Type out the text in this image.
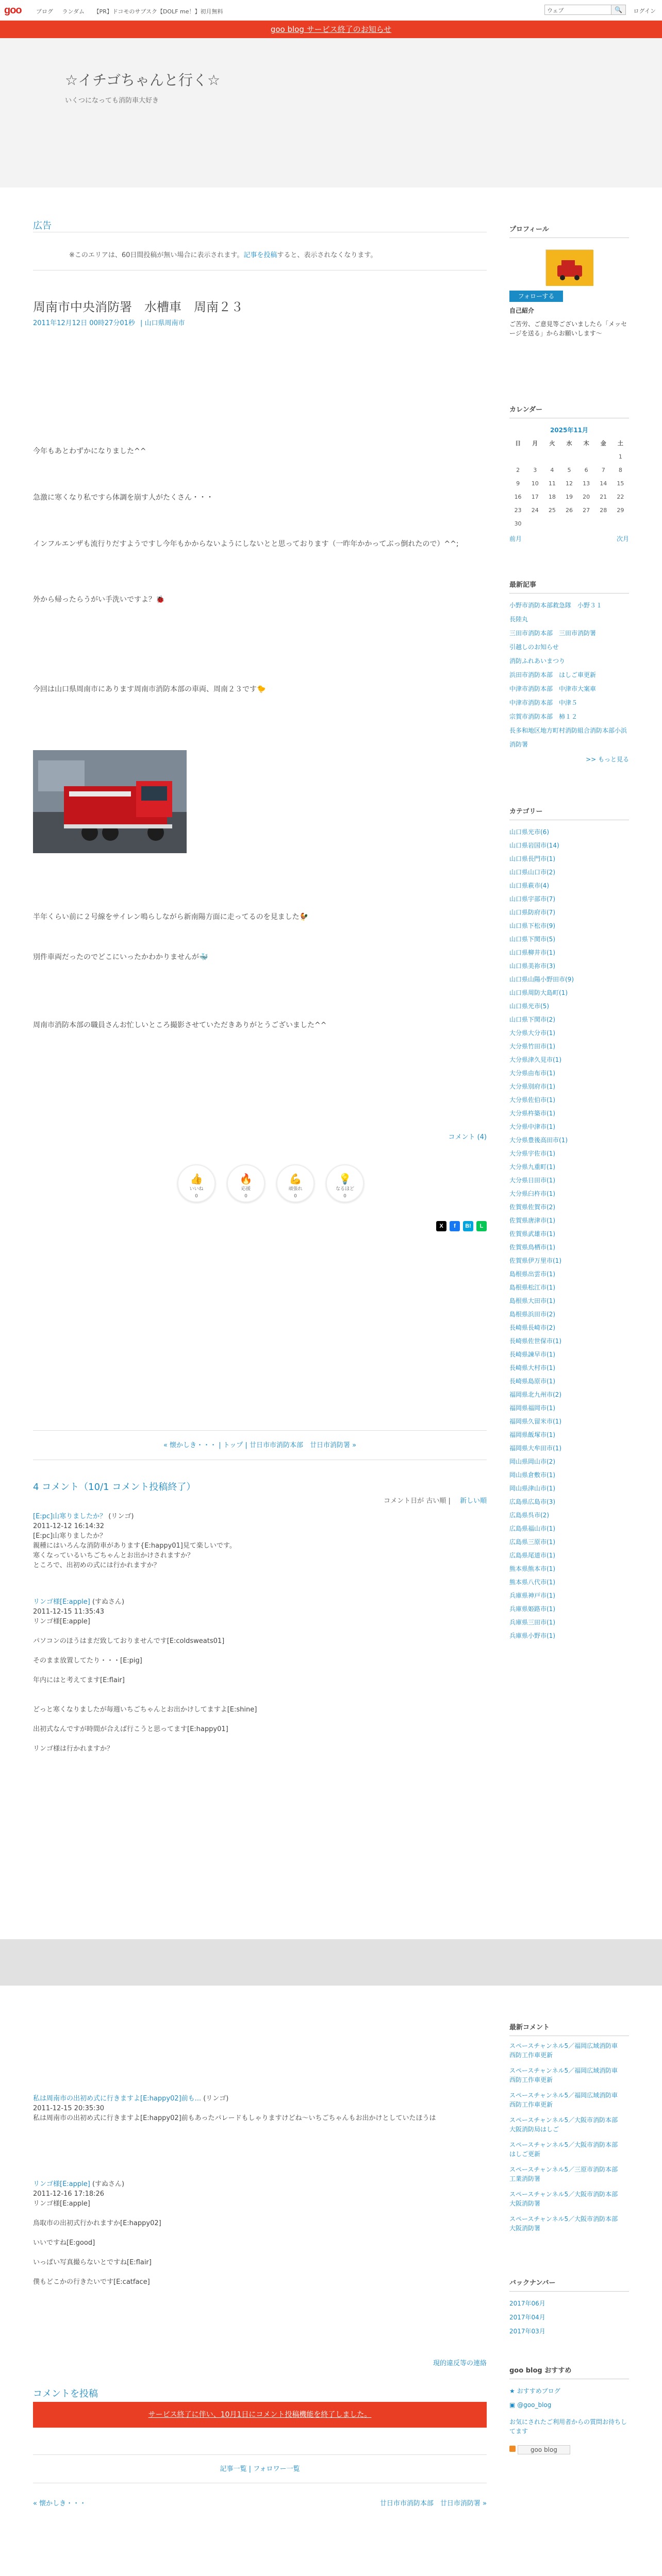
goo	ブログ ランダム 【PR】ドコモのサブスク【DOLF me！】初月無料	ウェブ	🔍	ログイン
goo blog サービス終了のお知らせ
☆イチゴちゃんと行く☆
いくつになっても消防車大好き
広告
※このエリアは、60日間投稿が無い場合に表示されます。記事を投稿すると、表示されなくなります。
周南市中央消防署　水槽車　周南２３
2011年12月12日 00時27分01秒 | 山口県周南市
今年もあとわずかになりました^^
急激に寒くなり私ですら体調を崩す人がたくさん・・・
インフルエンザも流行りだすようですし今年もかからないようにしないとと思っております（一昨年かかってぶっ倒れたので）^^;
外から帰ったらうがい手洗いですよ？🐞
今回は山口県周南市にあります周南市消防本部の車両、周南２３です🐤
半年くらい前に２号線をサイレン鳴らしながら新南陽方面に走ってるのを見ました🐓
別件車両だったのでどこにいったかわかりませんが🐳
周南市消防本部の職員さんお忙しいところ撮影させていただきありがとうございました^^
コメント (4)
👍
いいね
0
🔥
応援
0
💪
頑張れ
0
💡
なるほど
0
X	f	B!	L
« 懐かしき・・・ | トップ | 廿日市市消防本部　廿日市消防署 »
4 コメント（10/1 コメント投稿終了）
コメント日が 古い順 | 新しい順
[E:pc]山寒りましたか？ (リンゴ)
2011-12-12 16:14:32
[E:pc]山寒りましたか？
親種にはいろんな消防車があります{E:happy01]見て楽しいです。
寒くなっているいちごちゃんとお出かけされますか？
ところで、出初めの式には行かれますか？
リンゴ様[E:apple] (すぬさん)
2011-12-15 11:35:43
リンゴ様[E:apple]
パソコンのほうはまだ致しておりませんです[E:coldsweats01]
そのまま放置してたり・・・[E:pig]
年内にはと考えてます[E:flair]
どっと寒くなりましたが毎週いちごちゃんとお出かけしてますよ[E:shine]
出初式なんですが時間が合えば行こうと思ってます[E:happy01]
リンゴ様は行かれますか？
私は周南市の出初め式に行きますよ[E:happy02]前も... (リンゴ)
2011-12-15 20:35:30
私は周南市の出初め式に行きますよ[E:happy02]前もあったパレードもしゃりますけどね～いちごちゃんもお出かけとしていたほうは
リンゴ様[E:apple] (すぬさん)
2011-12-16 17:18:26
リンゴ様[E:apple]
鳥取市の出初式行かれますか[E:happy02]
いいですね[E:good]
いっぱい写真撮らないとですね[E:flair]
僕もどこかの行きたいです[E:catface]
現的違反等の連絡
コメントを投稿
サービス終了に伴い、10月1日にコメント投稿機能を終了しました。
記事一覧 | フォロワー一覧
« 懐かしき・・・	廿日市市消防本部　廿日市消防署 »
プロフィール
フォローする
自己紹介
ご苦労、ご意見等ございましたら「メッセージを送る」からお願いします〜
カレンダー
2025年11月
日	月	火	水	木	金	土
						1
2	3	4	5	6	7	8
9	10	11	12	13	14	15
16	17	18	19	20	21	22
23	24	25	26	27	28	29
30						
前月	次月
最新記事
小野市消防本部救急隊　小野３１
長陸丸
三田市消防本部　三田市消防署
引越しのお知らせ
消防ふれあいまつり
浜田市消防本部　はしご車更新
中津市消防本部　中津市大案車
中津市消防本部　中津５
宗賀市消防本部　柿１２
長多和地区地方町村消防組合消防本部小浜消防署
>> もっと見る
カテゴリー
山口県光市(6)
山口県岩国市(14)
山口県長門市(1)
山口県山口市(2)
山口県萩市(4)
山口県宇部市(7)
山口県防府市(7)
山口県下松市(9)
山口県下関市(5)
山口県柳井市(1)
山口県美祢市(3)
山口県山陽小野田市(9)
山口県周防大島町(1)
山口県光市(5)
山口県下関市(2)
大分県大分市(1)
大分県竹田市(1)
大分県津久見市(1)
大分県由布市(1)
大分県別府市(1)
大分県佐伯市(1)
大分県杵築市(1)
大分県中津市(1)
大分県豊後高田市(1)
大分県宇佐市(1)
大分県九重町(1)
大分県日田市(1)
大分県臼杵市(1)
佐賀県佐賀市(2)
佐賀県唐津市(1)
佐賀県武雄市(1)
佐賀県鳥栖市(1)
佐賀県伊万里市(1)
島根県出雲市(1)
島根県松江市(1)
島根県大田市(1)
島根県浜田市(2)
長崎県長崎市(2)
長崎県佐世保市(1)
長崎県諫早市(1)
長崎県大村市(1)
長崎県島原市(1)
福岡県北九州市(2)
福岡県福岡市(1)
福岡県久留米市(1)
福岡県飯塚市(1)
福岡県大牟田市(1)
岡山県岡山市(2)
岡山県倉敷市(1)
岡山県津山市(1)
広島県広島市(3)
広島県呉市(2)
広島県福山市(1)
広島県三原市(1)
広島県尾道市(1)
熊本県熊本市(1)
熊本県八代市(1)
兵庫県神戸市(1)
兵庫県姫路市(1)
兵庫県三田市(1)
兵庫県小野市(1)
最新コメント
スペースチャンネル5／福岡広域消防車　西防工作車更新
スペースチャンネル5／福岡広域消防車　西防工作車更新
スペースチャンネル5／福岡広域消防車　西防工作車更新
スペースチャンネル5／大阪市消防本部　大阪消防局はしご
スペースチャンネル5／大阪市消防本部　はしご更新
スペースチャンネル5／三原市消防本部　工業消防署
スペースチャンネル5／大阪市消防本部　大阪消防署
スペースチャンネル5／大阪市消防本部　大阪消防署
バックナンバー
2017年06月
2017年04月
2017年03月
goo blog おすすめ
★ おすすめブログ
▣ @goo_blog
お気にされたご利用者からの質問お待ちしてます
goo blog
